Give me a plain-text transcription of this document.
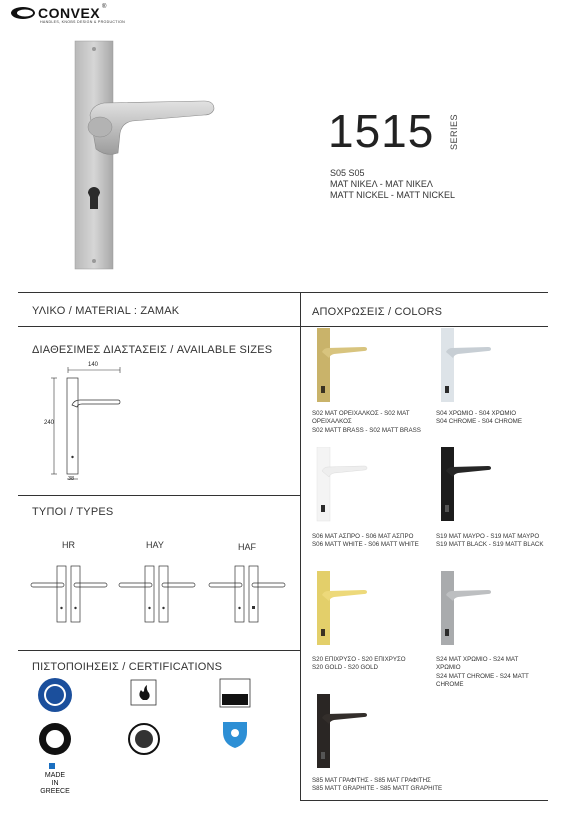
CONVEX ®
HANDLES, KNOBS DESIGN & PRODUCTION
1515 SERIES
S05 S05
ΜΑΤ ΝΙΚΕΛ - ΜΑΤ ΝΙΚΕΛ
MATT NICKEL - MATT NICKEL
ΥΛΙΚΟ / MATERIAL : ZAMAK
ΔΙΑΘΕΣΙΜΕΣ ΔΙΑΣΤΑΣΕΙΣ / AVAILABLE SIZES
ΤΥΠΟΙ / TYPES
ΠΙΣΤΟΠΟΙΗΣΕΙΣ / CERTIFICATIONS
ΑΠΟΧΡΩΣΕΙΣ / COLORS
140
240
38
HR	HAY	HAF
MADE
IN
GREECE
S02 ΜΑΤ ΟΡΕΙΧΑΛΚΟΣ - S02 ΜΑΤ
ΟΡΕΙΧΑΛΚΟΣ
S02 MATT BRASS - S02 MATT BRASS
S04 ΧΡΩΜΙΟ - S04 ΧΡΩΜΙΟ
S04 CHROME - S04 CHROME
S06 ΜΑΤ ΑΣΠΡΟ - S06 ΜΑΤ ΑΣΠΡΟ
S06 MATT WHITE - S06 MATT WHITE
S19 ΜΑΤ ΜΑΥΡΟ - S19 ΜΑΤ ΜΑΥΡΟ
S19 MATT BLACK - S19 MATT BLACK
S20 ΕΠΙΧΡΥΣΟ - S20 ΕΠΙΧΡΥΣΟ
S20 GOLD - S20 GOLD
S24 ΜΑΤ ΧΡΩΜΙΟ - S24 ΜΑΤ
ΧΡΩΜΙΟ
S24 MATT CHROME - S24 MATT
CHROME
S85 ΜΑΤ ΓΡΑΦΙΤΗΣ - S85 ΜΑΤ ΓΡΑΦΙΤΗΣ
S85 MATT GRAPHITE - S85 MATT GRAPHITE
